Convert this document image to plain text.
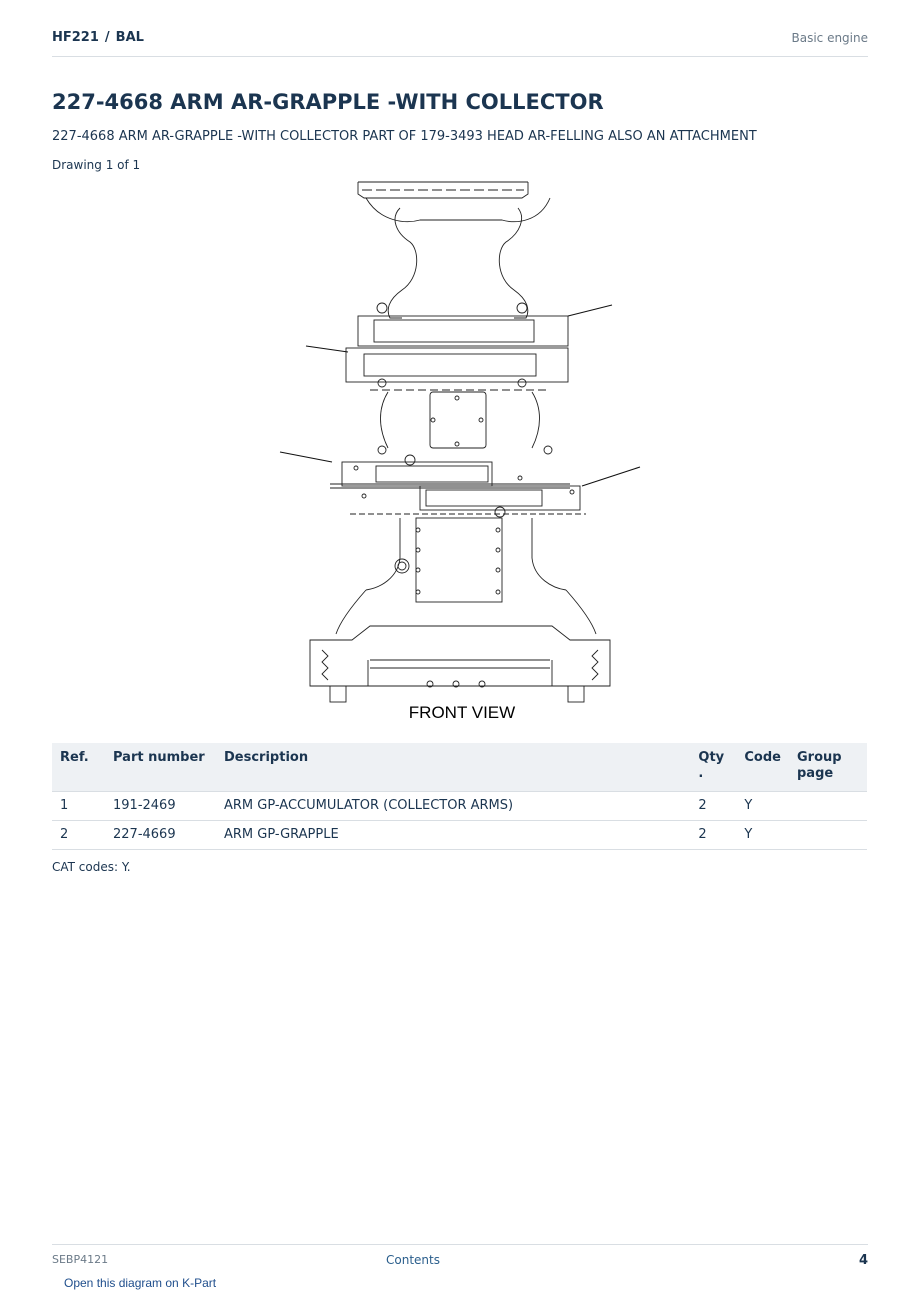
HF221 / BAL	Basic engine
227-4668 ARM AR-GRAPPLE -WITH COLLECTOR
227-4668 ARM AR-GRAPPLE -WITH COLLECTOR PART OF 179-3493 HEAD AR-FELLING ALSO AN ATTACHMENT
Drawing 1 of 1
FRONT VIEW
Ref.	Part number	Description	Qty .	Code	Group page
1	191-2469	ARM GP-ACCUMULATOR (COLLECTOR ARMS)	2	Y	
2	227-4669	ARM GP-GRAPPLE	2	Y	
CAT codes: Y.
SEBP4121	Contents	4
Open this diagram on K-Part
